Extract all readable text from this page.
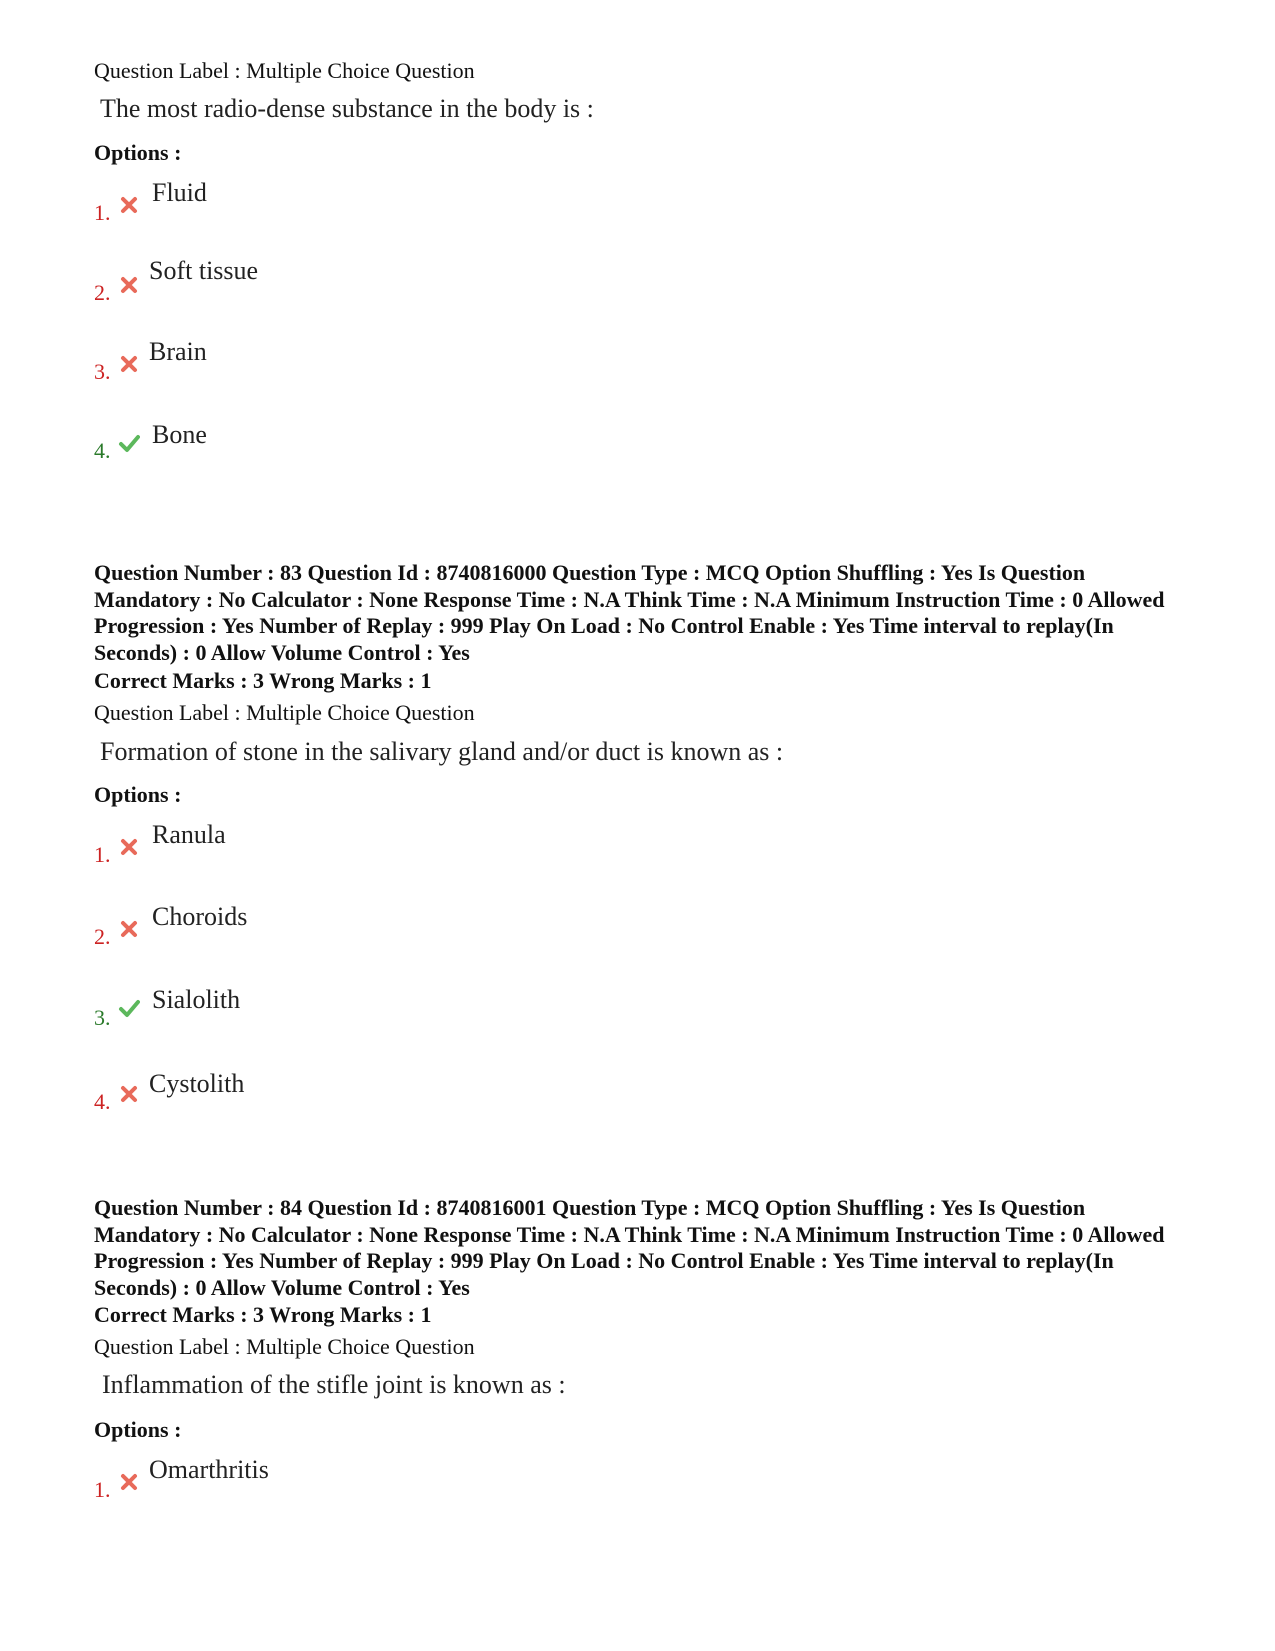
Question Label : Multiple Choice Question
The most radio-dense substance in the body is :
Options :
1.
Fluid
2.
Soft tissue
3.
Brain
4.
Bone
Question Number : 83 Question Id : 8740816000 Question Type : MCQ Option Shuffling : Yes Is Question Mandatory : No Calculator : None Response Time : N.A Think Time : N.A Minimum Instruction Time : 0 Allowed Progression : Yes Number of Replay : 999 Play On Load : No Control Enable : Yes Time interval to replay(In Seconds) : 0 Allow Volume Control : Yes
Correct Marks : 3 Wrong Marks : 1
Question Label : Multiple Choice Question
Formation of stone in the salivary gland and/or duct is known as :
Options :
1.
Ranula
2.
Choroids
3.
Sialolith
4.
Cystolith
Question Number : 84 Question Id : 8740816001 Question Type : MCQ Option Shuffling : Yes Is Question Mandatory : No Calculator : None Response Time : N.A Think Time : N.A Minimum Instruction Time : 0 Allowed Progression : Yes Number of Replay : 999 Play On Load : No Control Enable : Yes Time interval to replay(In Seconds) : 0 Allow Volume Control : Yes
Correct Marks : 3 Wrong Marks : 1
Question Label : Multiple Choice Question
Inflammation of the stifle joint is known as :
Options :
1.
Omarthritis
